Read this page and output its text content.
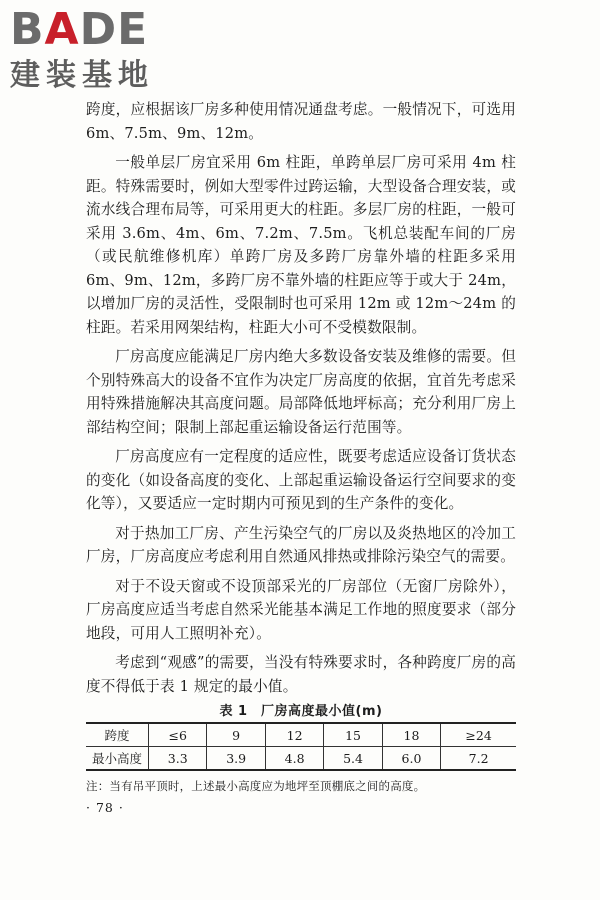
BADE
建装基地

跨度，应根据该厂房多种使用情况通盘考虑。一般情况下，可选用6m、7.5m、9m、12m。

一般单层厂房宜采用 6m 柱距，单跨单层厂房可采用 4m 柱距。特殊需要时，例如大型零件过跨运输，大型设备合理安装，或流水线合理布局等，可采用更大的柱距。多层厂房的柱距，一般可采用 3.6m、4m、6m、7.2m、7.5m。飞机总装配车间的厂房（或民航维修机库）单跨厂房及多跨厂房靠外墙的柱距多采用 6m、9m、12m，多跨厂房不靠外墙的柱距应等于或大于 24m，以增加厂房的灵活性，受限制时也可采用 12m 或 12m～24m 的柱距。若采用网架结构，柱距大小可不受模数限制。

厂房高度应能满足厂房内绝大多数设备安装及维修的需要。但个别特殊高大的设备不宜作为决定厂房高度的依据，宜首先考虑采用特殊措施解决其高度问题。局部降低地坪标高；充分利用厂房上部结构空间；限制上部起重运输设备运行范围等。

厂房高度应有一定程度的适应性，既要考虑适应设备订货状态的变化（如设备高度的变化、上部起重运输设备运行空间要求的变化等），又要适应一定时期内可预见到的生产条件的变化。

对于热加工厂房、产生污染空气的厂房以及炎热地区的冷加工厂房，厂房高度应考虑利用自然通风排热或排除污染空气的需要。

对于不设天窗或不设顶部采光的厂房部位（无窗厂房除外），厂房高度应适当考虑自然采光能基本满足工作地的照度要求（部分地段，可用人工照明补充）。

考虑到“观感”的需要，当没有特殊要求时，各种跨度厂房的高度不得低于表 1 规定的最小值。

表 1　厂房高度最小值(m)
跨度	≤6	9	12	15	18	≥24
最小高度	3.3	3.9	4.8	5.4	6.0	7.2
注：当有吊平顶时，上述最小高度应为地坪至顶棚底之间的高度。
· 78 ·
